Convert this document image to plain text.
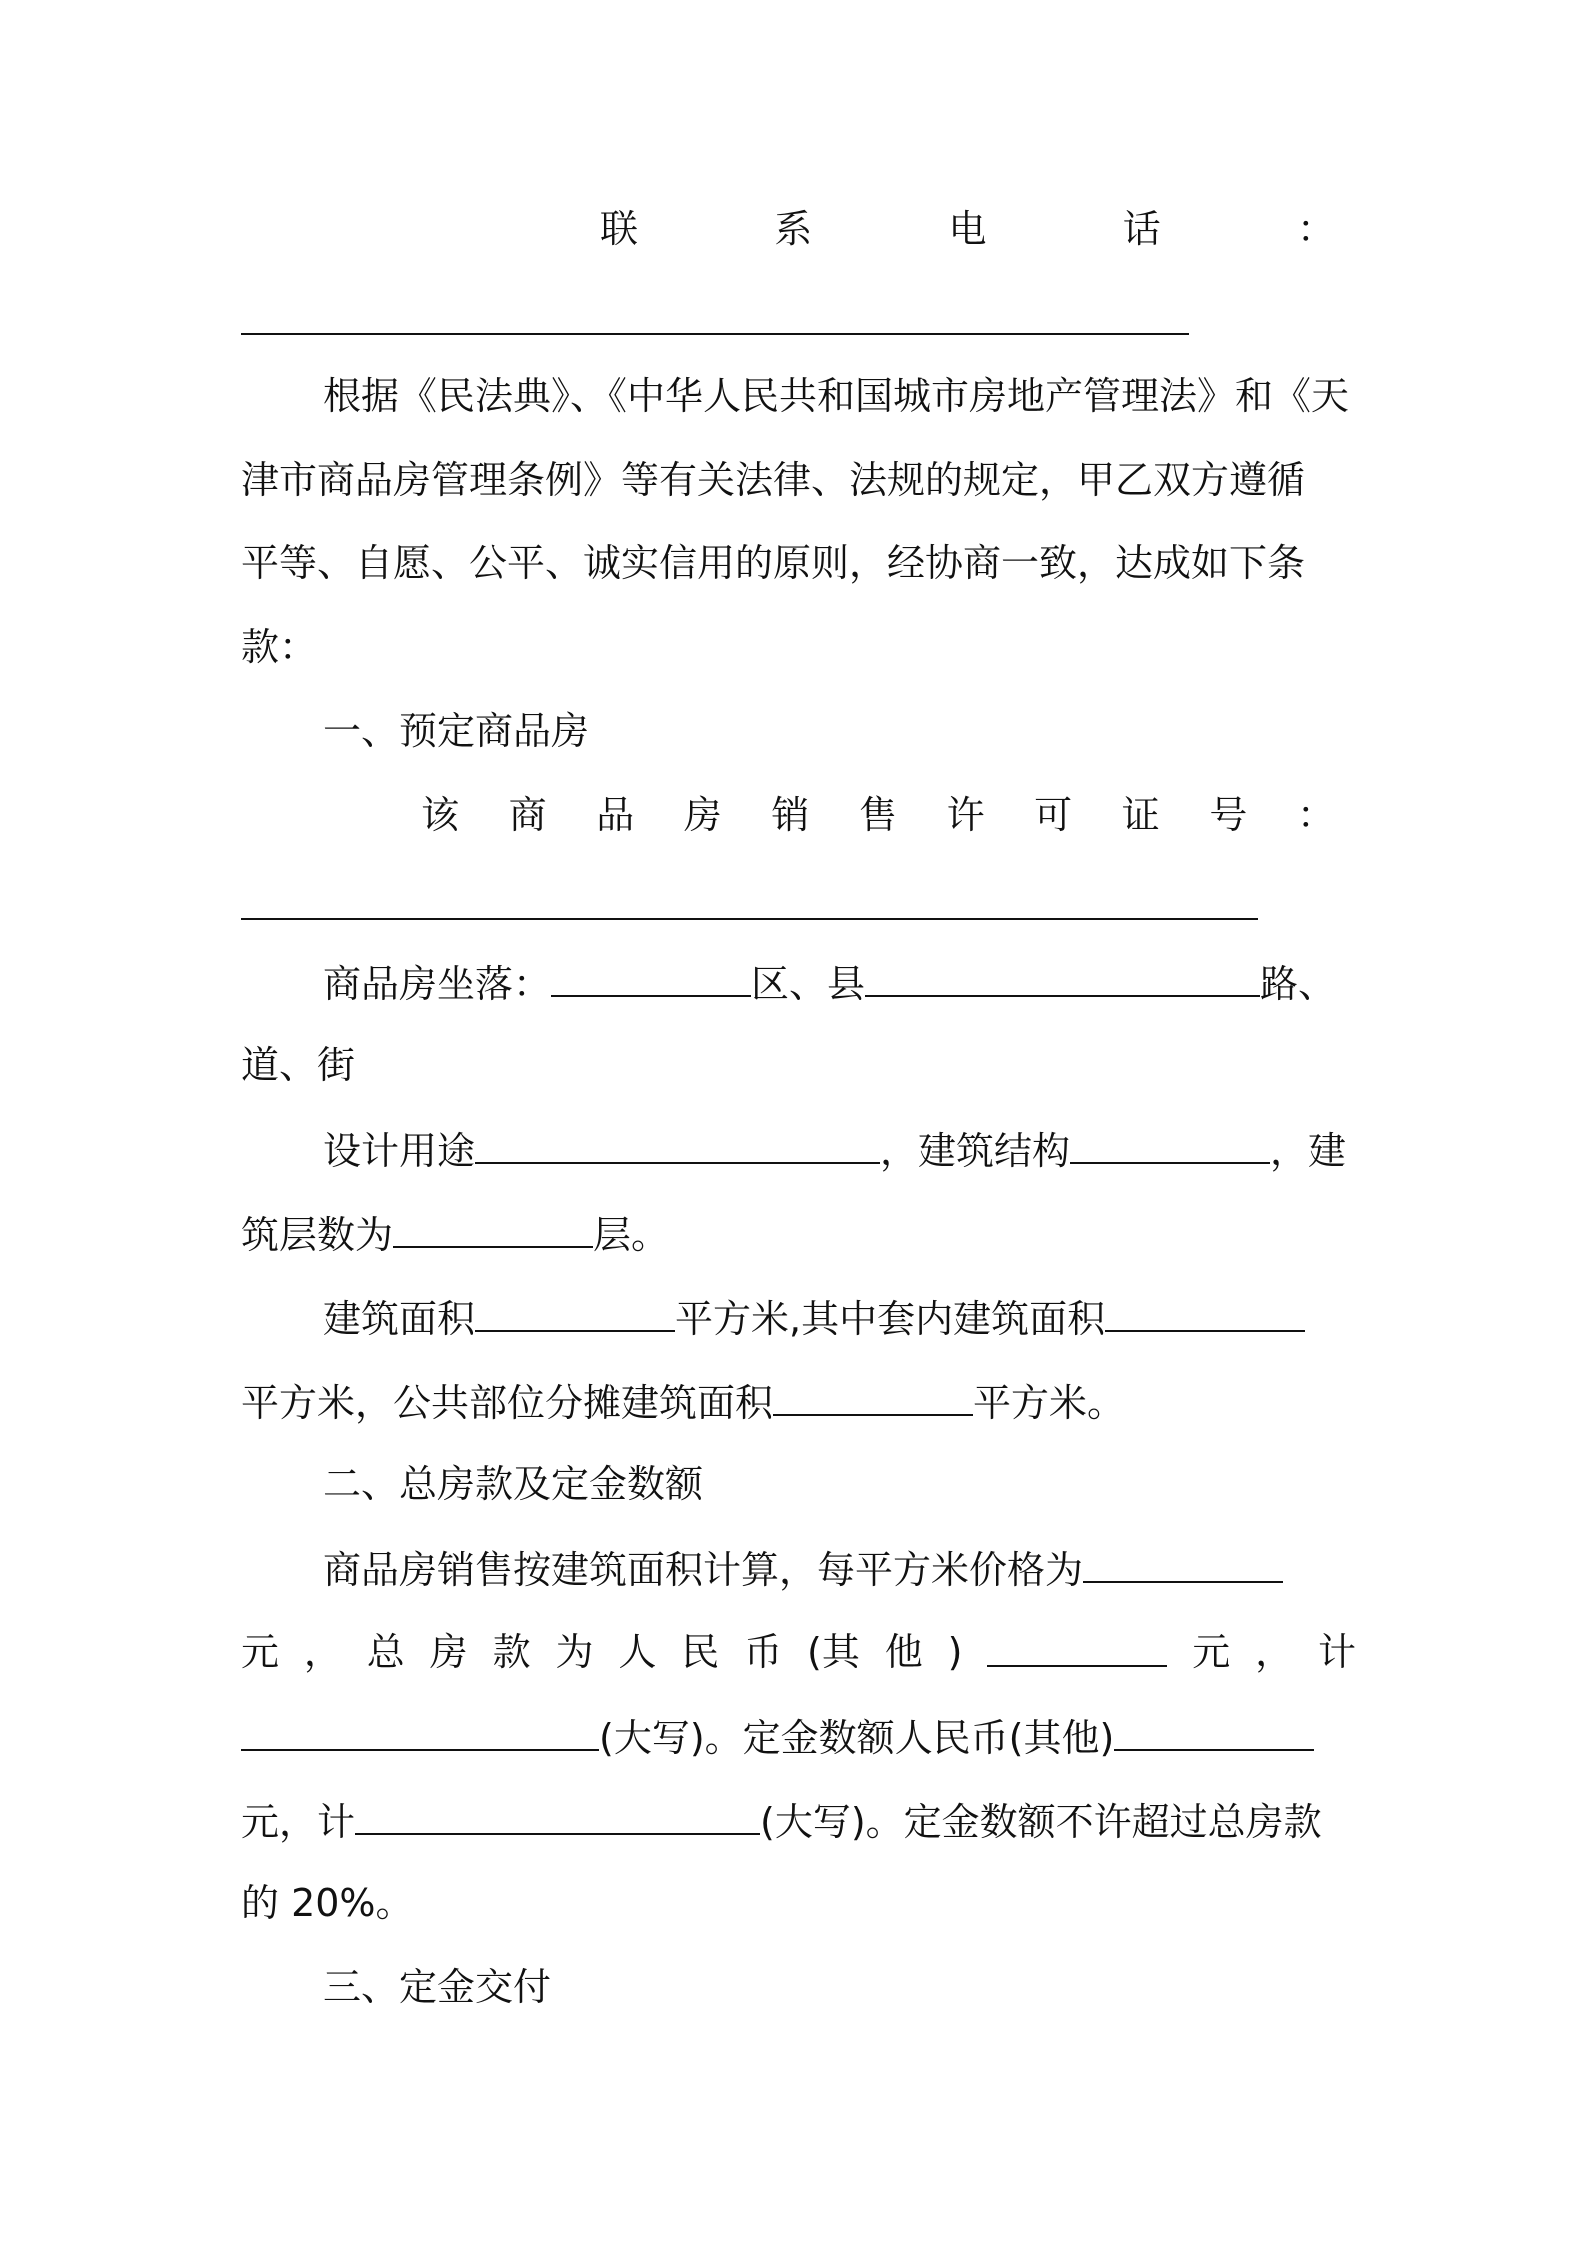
联	系	电	话	：
根据《民法典》、《中华人民共和国城市房地产管理法》和《天
津市商品房管理条例》等有关法律、法规的规定，甲乙双方遵循
平等、自愿、公平、诚实信用的原则，经协商一致，达成如下条
款：
一、预定商品房
该 商 品 房 销 售 许 可 证 号 ：
商品房坐落：	区、县	路、
道、街
设计用途	，建筑结构	，建
筑层数为	层。
建筑面积	平方米,其中套内建筑面积
平方米，公共部位分摊建筑面积	平方米。
二、总房款及定金数额
商品房销售按建筑面积计算，每平方米价格为
元 ， 总 房 款 为 人 民 币 (其 他 )	元 ， 计
(大写)。定金数额人民币(其他)
元，计	(大写)。定金数额不许超过总房款
的 20%。
三、定金交付
